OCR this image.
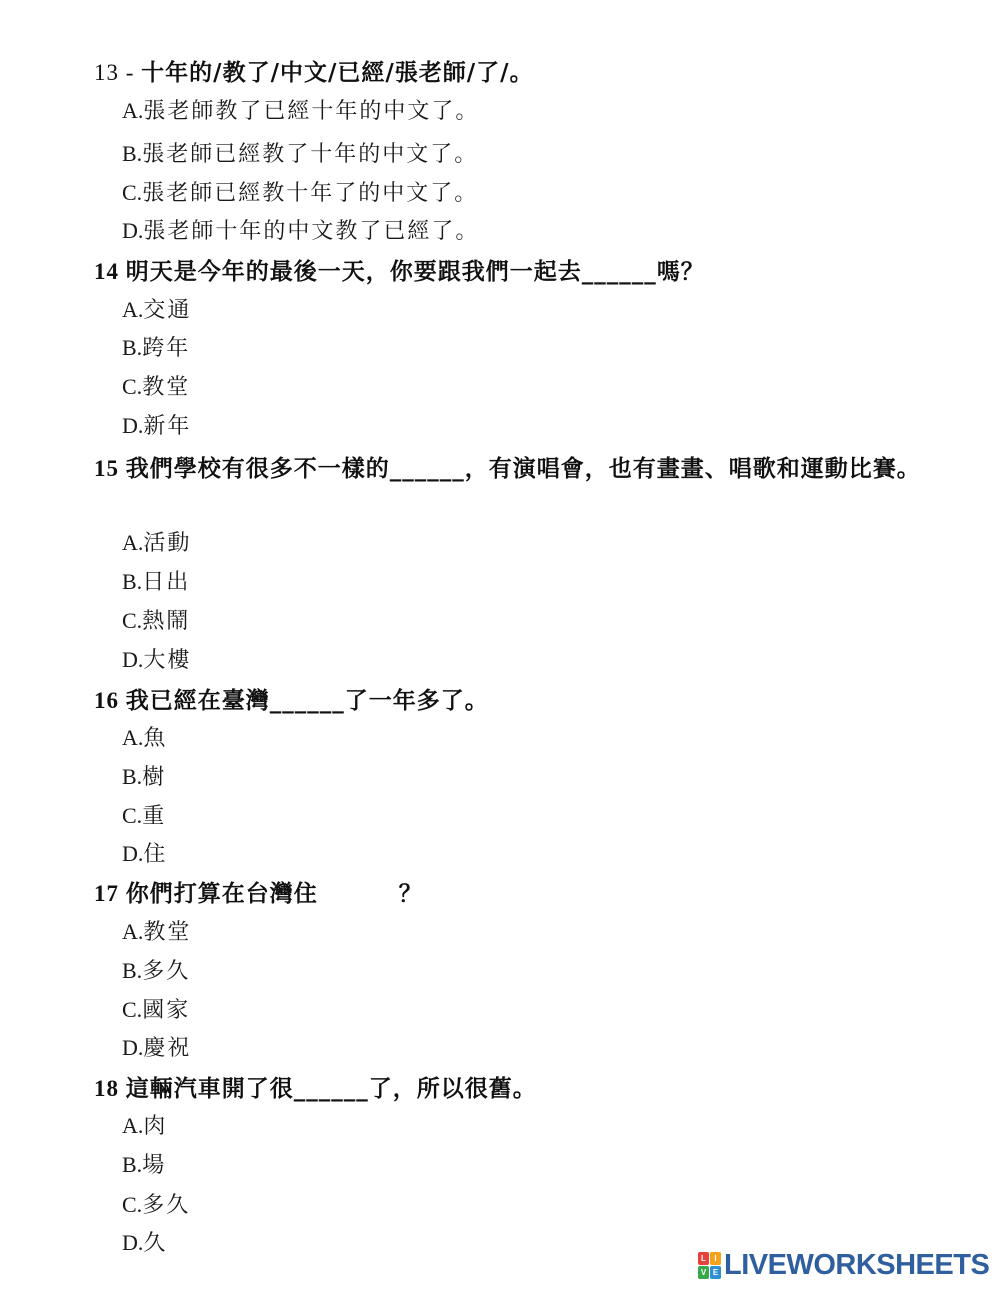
13 - 十年的/教了/中文/已經/張老師/了/。

A.張老師教了已經十年的中文了。

B.張老師已經教了十年的中文了。

C.張老師已經教十年了的中文了。

D.張老師十年的中文教了已經了。

14 明天是今年的最後一天，你要跟我們一起去______嗎？

A.交通

B.跨年

C.教堂

D.新年

15 我們學校有很多不一樣的______，有演唱會，也有畫畫、唱歌和運動比賽。

A.活動

B.日出

C.熱鬧

D.大樓

16 我已經在臺灣______了一年多了。

A.魚

B.樹

C.重

D.住

17 你們打算在台灣住 　　　？

A.教堂

B.多久

C.國家

D.慶祝

18 這輛汽車開了很______了，所以很舊。

A.肉

B.場

C.多久

D.久

L	I
V E LIVEWORKSHEETS
